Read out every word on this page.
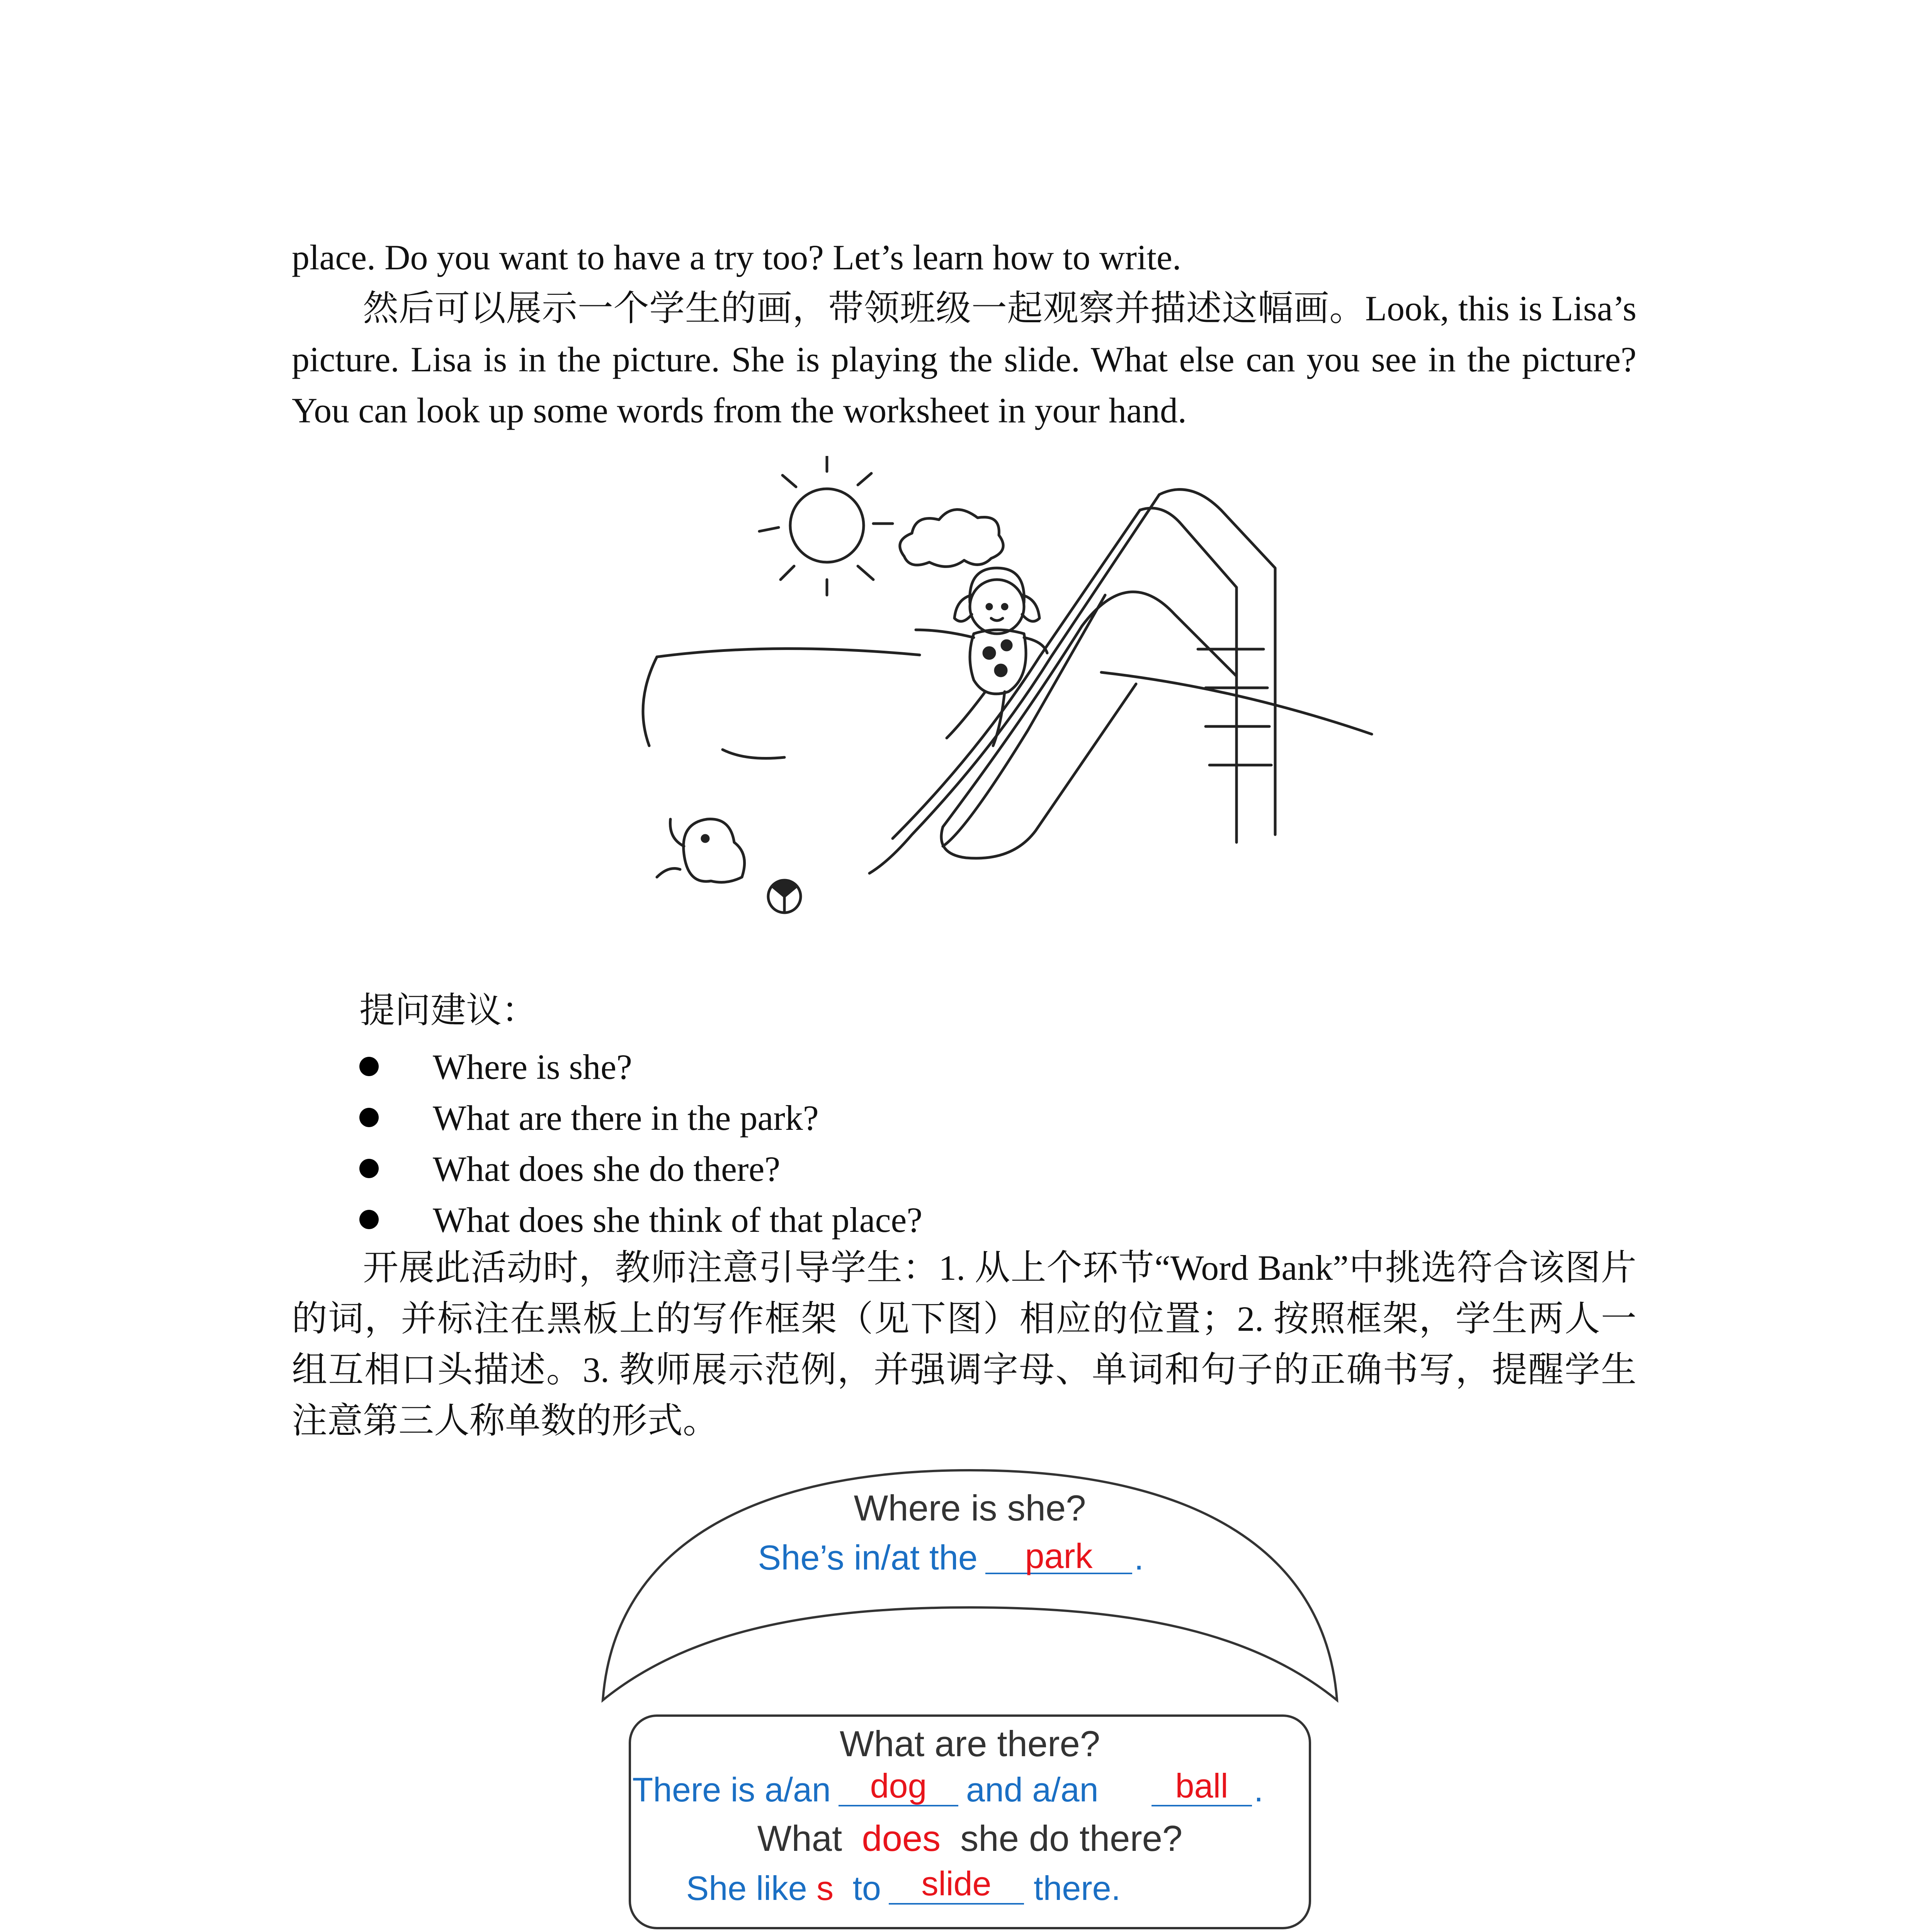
place. Do you want to have a try too? Let’s learn how to write.

然后可以展示一个学生的画，带领班级一起观察并描述这幅画。Look, this is Lisa’s picture. Lisa is in the picture. She is playing the slide. What else can you see in the picture? You can look up some words from the worksheet in your hand.

提问建议：
Where is she?
What are there in the park?
What does she do there?
What does she think of that place?

开展此活动时，教师注意引导学生：1. 从上个环节“Word Bank”中挑选符合该图片的词，并标注在黑板上的写作框架（见下图）相应的位置；2. 按照框架，学生两人一组互相口头描述。3. 教师展示范例，并强调字母、单词和句子的正确书写，提醒学生注意第三人称单数的形式。

Where is she?
She’s in/at the park .
What are there?
There is a/an dog and a/an ball .
What does she do there?
She like s to slide there.
